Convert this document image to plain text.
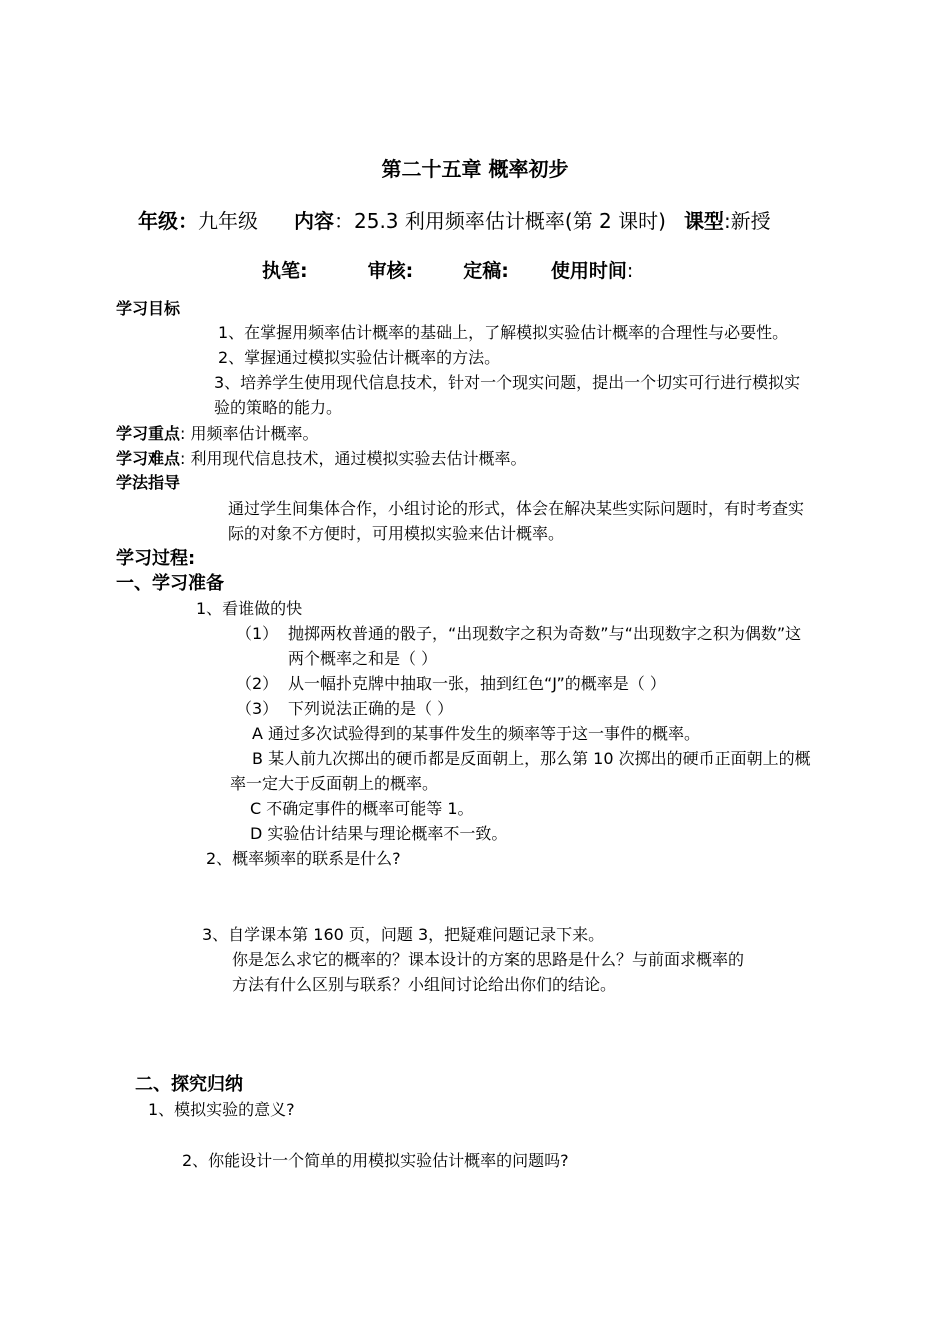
第二十五章 概率初步
年级：九年级 内容：25.3 利用频率估计概率(第 2 课时) 课型:新授
执笔:	审核:	定稿: 使用时间:
学习目标
1、在掌握用频率估计概率的基础上，了解模拟实验估计概率的合理性与必要性。
2、掌握通过模拟实验估计概率的方法。
3、培养学生使用现代信息技术，针对一个现实问题，提出一个切实可行进行模拟实
验的策略的能力。
学习重点: 用频率估计概率。
学习难点: 利用现代信息技术，通过模拟实验去估计概率。
学法指导
通过学生间集体合作，小组讨论的形式，体会在解决某些实际问题时，有时考查实
际的对象不方便时，可用模拟实验来估计概率。
学习过程:
一、学习准备
1、看谁做的快
（1） 抛掷两枚普通的骰子，“出现数字之积为奇数”与“出现数字之积为偶数”这
两个概率之和是（ ）
（2） 从一幅扑克牌中抽取一张，抽到红色“J”的概率是（ ）
（3） 下列说法正确的是（ ）
A 通过多次试验得到的某事件发生的频率等于这一事件的概率。
B 某人前九次掷出的硬币都是反面朝上，那么第 10 次掷出的硬币正面朝上的概
率一定大于反面朝上的概率。
C 不确定事件的概率可能等 1。
D 实验估计结果与理论概率不一致。
2、概率频率的联系是什么?
3、自学课本第 160 页，问题 3，把疑难问题记录下来。
你是怎么求它的概率的？课本设计的方案的思路是什么？与前面求概率的
方法有什么区别与联系？小组间讨论给出你们的结论。
二、探究归纳
1、模拟实验的意义?
2、你能设计一个简单的用模拟实验估计概率的问题吗?
